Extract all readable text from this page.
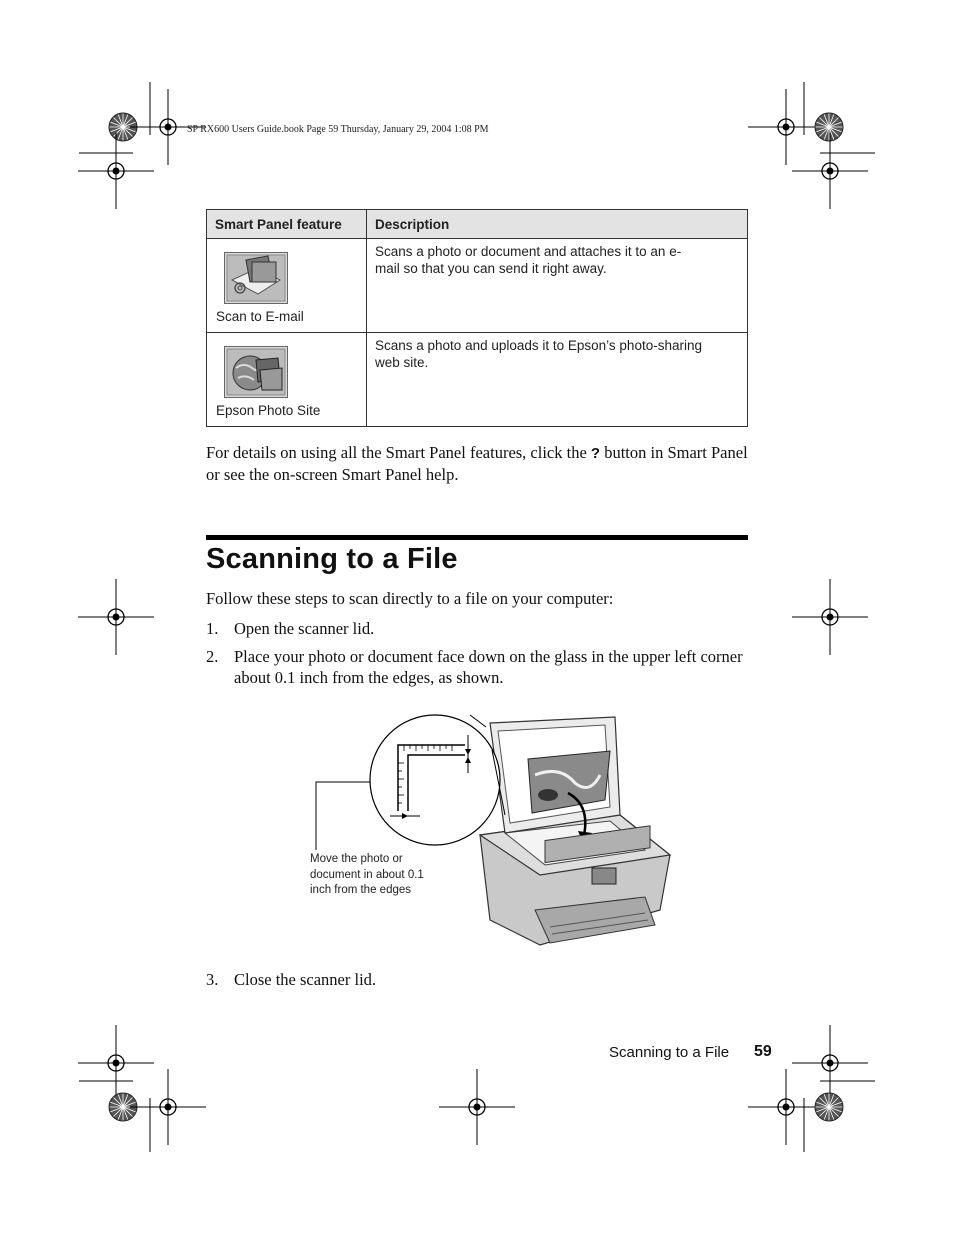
SP RX600 Users Guide.book Page 59 Thursday, January 29, 2004 1:08 PM
Smart Panel feature	Description

Scan to E-mail	Scans a photo or document and attaches it to an e-mail so that you can send it right away.

Epson Photo Site	Scans a photo and uploads it to Epson’s photo-sharing web site.
For details on using all the Smart Panel features, click the ? button in Smart Panel or see the on-screen Smart Panel help.
Scanning to a File
Follow these steps to scan directly to a file on your computer:
1. Open the scanner lid.
2. Place your photo or document face down on the glass in the upper left corner about 0.1 inch from the edges, as shown.
Move the photo or document in about 0.1 inch from the edges
3. Close the scanner lid.
Scanning to a File 59
